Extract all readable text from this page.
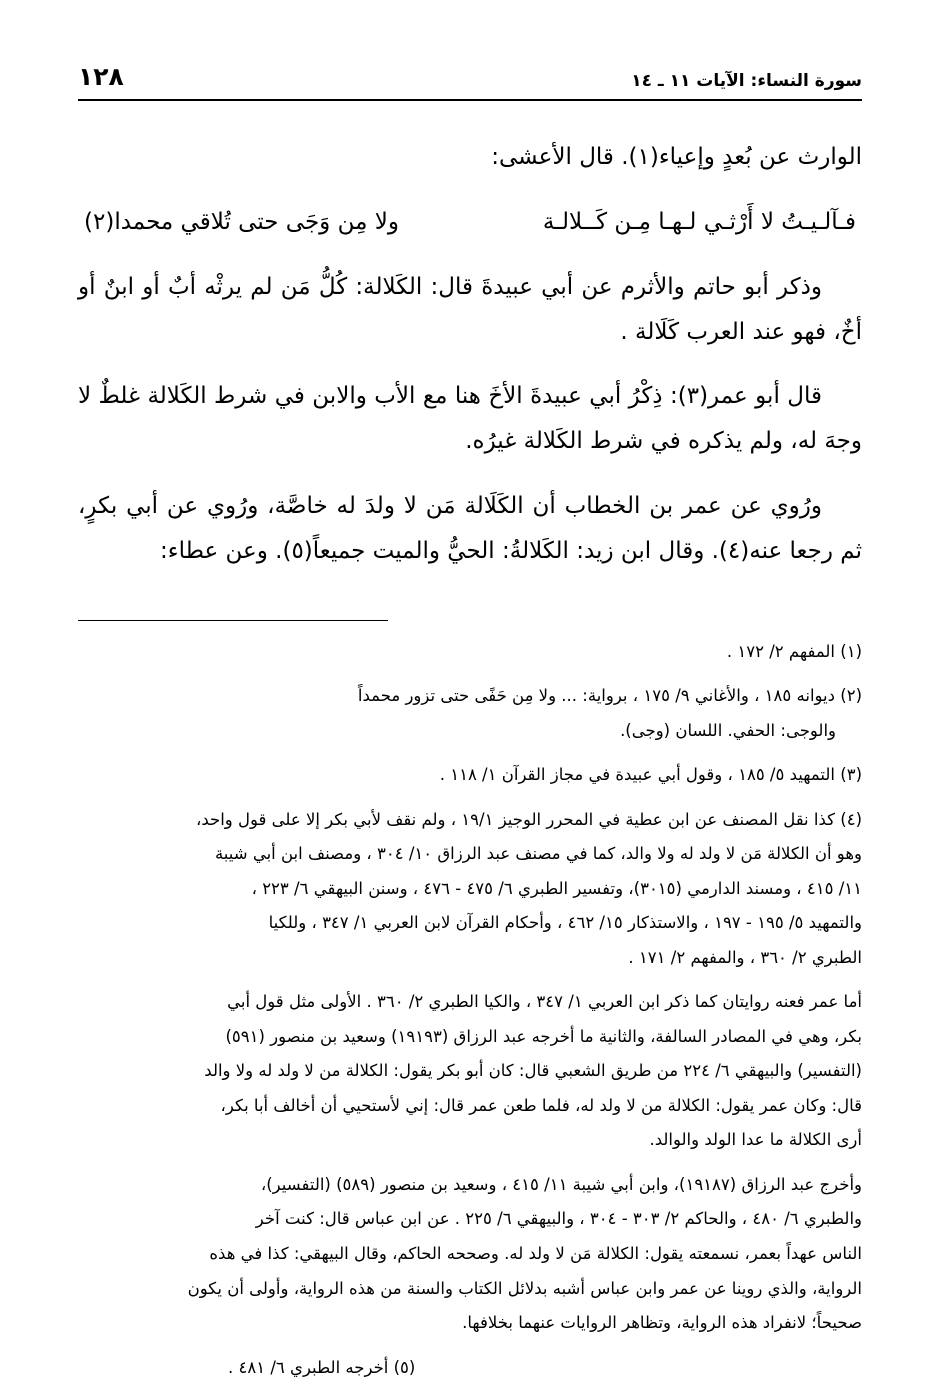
١٢٨	سورة النساء: الآيات ١١ ـ ١٤

الوارث عن بُعدٍ وإعياء(١). قال الأعشى:

فـآلـيـتُ لا أَرْثـي لـهـا مِـن كَــلالـة
ولا مِن وَجَى حتى تُلاقي محمدا(٢)

وذكر أبو حاتم والأثرم عن أبي عبيدةَ قال: الكَلالة: كُلُّ مَن لم يرثْه أبٌ أو ابنٌ أو أخٌ، فهو عند العرب كَلَالة .

قال أبو عمر(٣): ذِكْرُ أبي عبيدةَ الأخَ هنا مع الأب والابن في شرط الكَلالة غلطٌ لا وجهَ له، ولم يذكره في شرط الكَلالة غيرُه.

ورُوي عن عمر بن الخطاب أن الكَلَالة مَن لا ولدَ له خاصَّة، ورُوي عن أبي بكرٍ، ثم رجعا عنه(٤). وقال ابن زيد: الكَلالةُ: الحيُّ والميت جميعاً(٥). وعن عطاء:

(١) المفهم ٢/ ١٧٢ .

(٢) ديوانه ١٨٥ ، والأغاني ٩/ ١٧٥ ، برواية: ... ولا مِن حَفًى حتى تزور محمداً

والوجى: الحفي. اللسان (وجى).

(٣) التمهيد ٥/ ١٨٥ ، وقول أبي عبيدة في مجاز القرآن ١/ ١١٨ .

(٤) كذا نقل المصنف عن ابن عطية في المحرر الوجيز ١٩/١ ، ولم نقف لأبي بكر إلا على قول واحد،

وهو أن الكلالة مَن لا ولد له ولا والد، كما في مصنف عبد الرزاق ١٠/ ٣٠٤ ، ومصنف ابن أبي شيبة

١١/ ٤١٥ ، ومسند الدارمي (٣٠١٥)، وتفسير الطبري ٦/ ٤٧٥ - ٤٧٦ ، وسنن البيهقي ٦/ ٢٢٣ ،

والتمهيد ٥/ ١٩٥ - ١٩٧ ، والاستذكار ١٥/ ٤٦٢ ، وأحكام القرآن لابن العربي ١/ ٣٤٧ ، وللكيا

الطبري ٢/ ٣٦٠ ، والمفهم ٢/ ١٧١ .

أما عمر فعنه روايتان كما ذكر ابن العربي ١/ ٣٤٧ ، والكيا الطبري ٢/ ٣٦٠ . الأولى مثل قول أبي

بكر، وهي في المصادر السالفة، والثانية ما أخرجه عبد الرزاق (١٩١٩٣) وسعيد بن منصور (٥٩١)

(التفسير) والبيهقي ٦/ ٢٢٤ من طريق الشعبي قال: كان أبو بكر يقول: الكلالة من لا ولد له ولا والد

قال: وكان عمر يقول: الكلالة من لا ولد له، فلما طعن عمر قال: إني لأستحيي أن أخالف أبا بكر،

أرى الكلالة ما عدا الولد والوالد.

وأخرج عبد الرزاق (١٩١٨٧)، وابن أبي شيبة ١١/ ٤١٥ ، وسعيد بن منصور (٥٨٩) (التفسير)،

والطبري ٦/ ٤٨٠ ، والحاكم ٢/ ٣٠٣ - ٣٠٤ ، والبيهقي ٦/ ٢٢٥ . عن ابن عباس قال: كنت آخر

الناس عهداً بعمر، نسمعته يقول: الكلالة مَن لا ولد له. وصححه الحاكم، وقال البيهقي: كذا في هذه

الرواية، والذي روينا عن عمر وابن عباس أشبه بدلائل الكتاب والسنة من هذه الرواية، وأولى أن يكون

صحيحاً؛ لانفراد هذه الرواية، وتظاهر الروايات عنهما بخلافها.

(٥) أخرجه الطبري ٦/ ٤٨١ .
